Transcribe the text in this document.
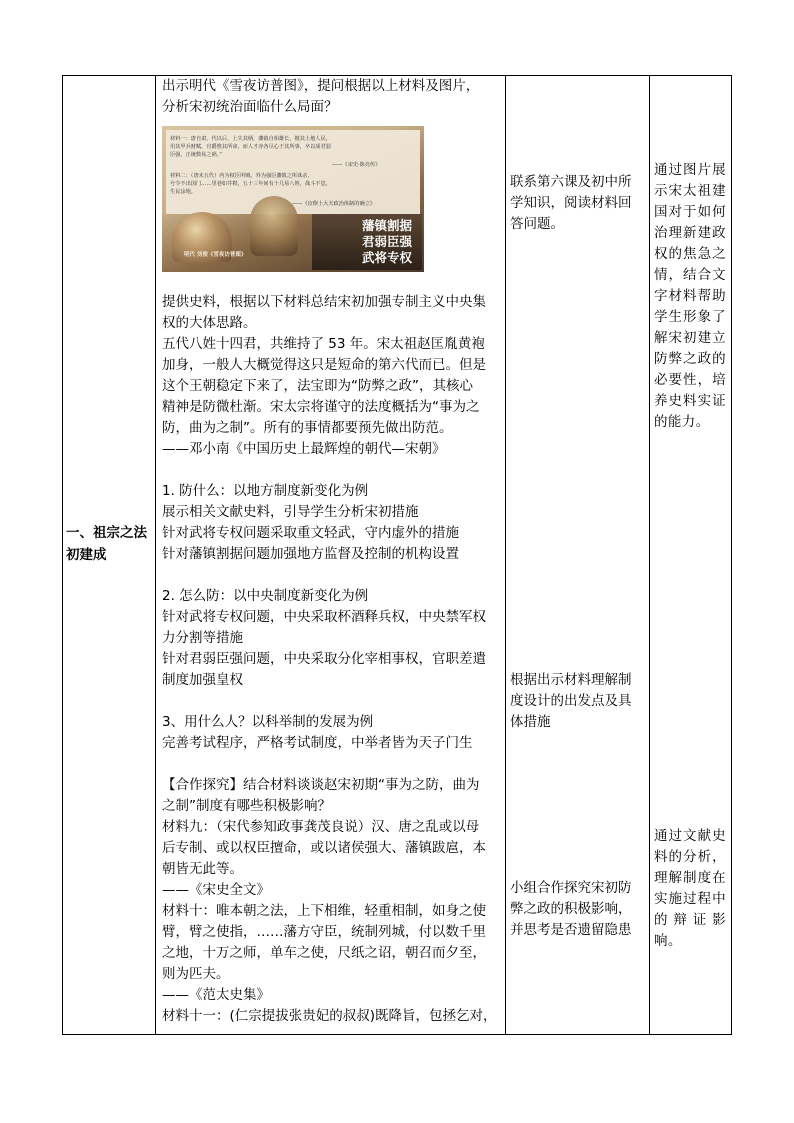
一、祖宗之法
初建成
出示明代《雪夜访普图》，提问根据以上材料及图片，
分析宋初统治面临什么局面？
材料一：唐自肃、代以后，上失其柄，藩镇自相雄长，擅其土地人民，
用其甲兵财赋，官爵惟其所命，而人才亦各尽心于其所事，卒以成君弱
臣强、正统数易之祸。”
——《宋史·陈亮传》
材料二：（唐末五代）内为权臣所贼，外为强臣藩镇之所诛杀，
号令不出国门……里巷如井棋，五十三年间有十几易八姓，战斗不息，
生民涂地。
——《宦僚士大夫政治体制的确立》
藩镇割据
君弱臣强
武将专权
明代 刘俊《雪夜访普图》
提供史料，根据以下材料总结宋初加强专制主义中央集
权的大体思路。
五代八姓十四君，共维持了 53 年。宋太祖赵匡胤黄袍
加身，一般人大概觉得这只是短命的第六代而已。但是
这个王朝稳定下来了，法宝即为“防弊之政”，其核心
精神是防微杜渐。宋太宗将谨守的法度概括为“事为之
防，曲为之制”。所有的事情都要预先做出防范。
——邓小南《中国历史上最辉煌的朝代—宋朝》
1. 防什么：以地方制度新变化为例
展示相关文献史料，引导学生分析宋初措施
针对武将专权问题采取重文轻武，守内虚外的措施
针对藩镇割据问题加强地方监督及控制的机构设置
2. 怎么防：以中央制度新变化为例
针对武将专权问题，中央采取杯酒释兵权，中央禁军权
力分割等措施
针对君弱臣强问题，中央采取分化宰相事权，官职差遣
制度加强皇权
3、用什么人？以科举制的发展为例
完善考试程序，严格考试制度，中举者皆为天子门生
【合作探究】结合材料谈谈赵宋初期“事为之防，曲为
之制”制度有哪些积极影响？
材料九：（宋代参知政事龚茂良说）汉、唐之乱或以母
后专制、或以权臣擅命，或以诸侯强大、藩镇跋扈，本
朝皆无此等。
——《宋史全文》
材料十：唯本朝之法，上下相维，轻重相制，如身之使
臂，臂之使指，……藩方守臣，统制列城，付以数千里
之地，十万之师，单车之使，尺纸之诏，朝召而夕至，
则为匹夫。
——《范太史集》
材料十一：(仁宗提拔张贵妃的叔叔)既降旨，包拯乞对，
联系第六课及初中所
学知识，阅读材料回
答问题。
根据出示材料理解制
度设计的出发点及具
体措施
小组合作探究宋初防
弊之政的积极影响，
并思考是否遗留隐患
通过图片展示宋太祖建国对于如何治理新建政权的焦急之情，结合文字材料帮助学生形象了解宋初建立防弊之政的必要性，培养史料实证的能力。
通过文献史料的分析，理解制度在实施过程中的辩证影响。
